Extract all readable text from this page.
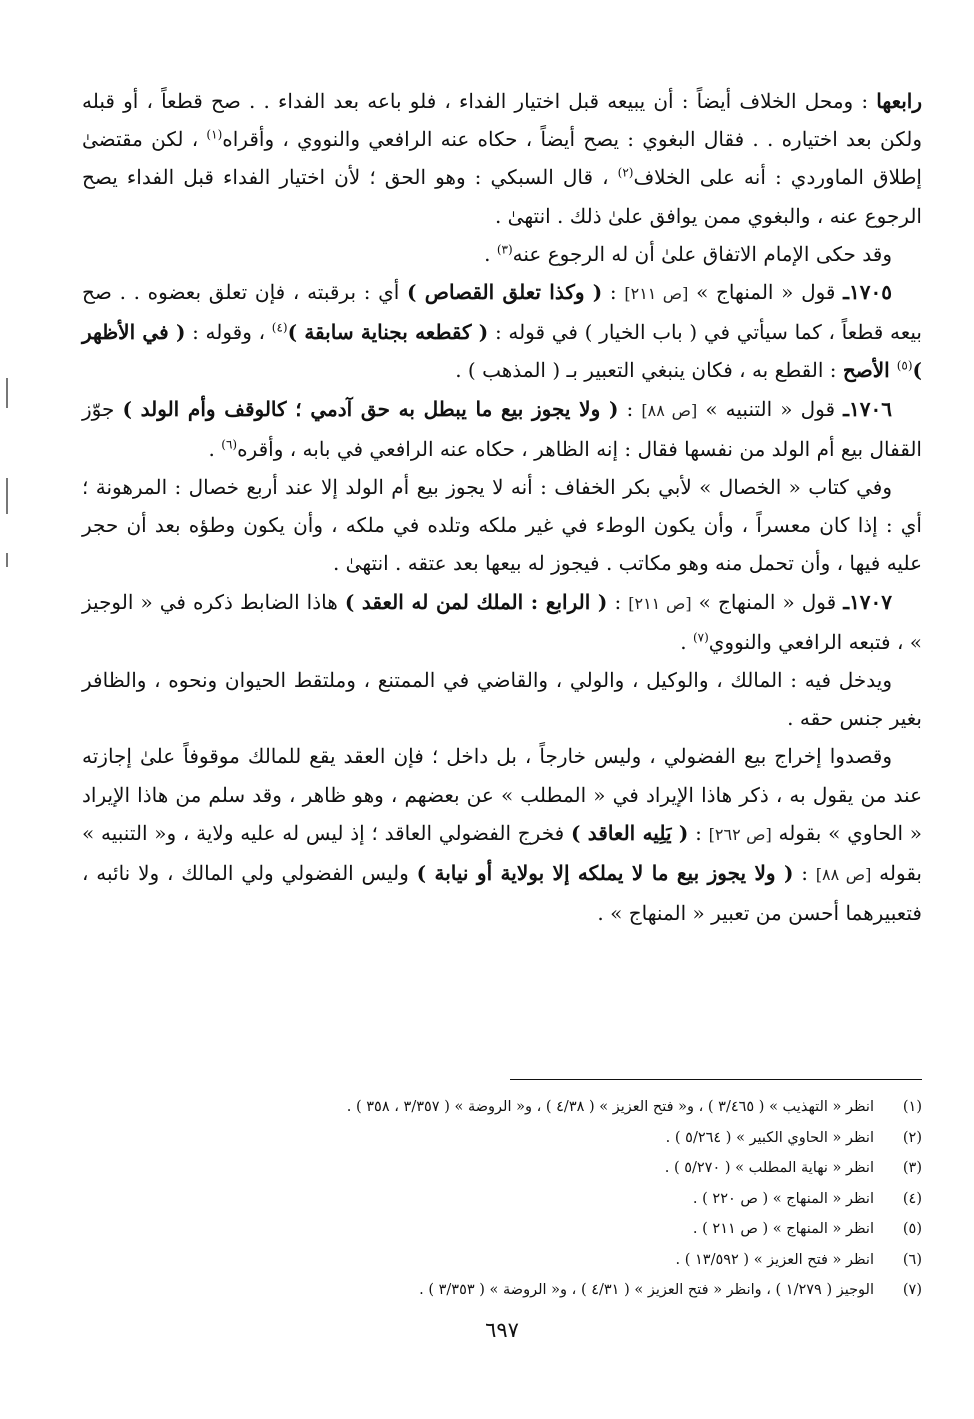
رابعها : ومحل الخلاف أيضاً : أن يبيعه قبل اختيار الفداء ، فلو باعه بعد الفداء . . صح قطعاً ، أو قبله ولكن بعد اختياره . . فقال البغوي : يصح أيضاً ، حكاه عنه الرافعي والنووي ، وأقراه$^{(١)}$ ، لكن مقتضىٰ إطلاق الماوردي : أنه على الخلاف$^{(٢)}$ ، قال السبكي : وهو الحق ؛ لأن اختيار الفداء قبل الفداء يصح الرجوع عنه ، والبغوي ممن يوافق علىٰ ذلك . انتهىٰ .

وقد حكى الإمام الاتفاق علىٰ أن له الرجوع عنه$^{(٣)}$ .

١٧٠٥ـ قول « المنهاج » [ص ٢١١] : ( وكذا تعلق القصاص ) أي : برقبته ، فإن تعلق بعضوه . . صح بيعه قطعاً ، كما سيأتي في ( باب الخيار ) في قوله : ( كقطعه بجناية سابقة )$^{(٤)}$ ، وقوله : ( في الأظهر )$^{(٥)}$ الأصح : القطع به ، فكان ينبغي التعبير بـ ( المذهب ) .

١٧٠٦ـ قول « التنبيه » [ص ٨٨] : ( ولا يجوز بيع ما يبطل به حق آدمي ؛ كالوقف وأم الولد ) جوّز القفال بيع أم الولد من نفسها فقال : إنه الظاهر ، حكاه عنه الرافعي في بابه ، وأقره$^{(٦)}$ .

وفي كتاب « الخصال » لأبي بكر الخفاف : أنه لا يجوز بيع أم الولد إلا عند أربع خصال : المرهونة ؛ أي : إذا كان معسراً ، وأن يكون الوطء في غير ملكه وتلده في ملكه ، وأن يكون وطؤه بعد أن حجر عليه فيها ، وأن تحمل منه وهو مكاتب . فيجوز له بيعها بعد عتقه . انتهىٰ .

١٧٠٧ـ قول « المنهاج » [ص ٢١١] : ( الرابع : الملك لمن له العقد ) هاذا الضابط ذكره في « الوجيز » ، فتبعه الرافعي والنووي$^{(٧)}$ .

ويدخل فيه : المالك ، والوكيل ، والولي ، والقاضي في الممتنع ، وملتقط الحيوان ونحوه ، والظافر بغير جنس حقه .

وقصدوا إخراج بيع الفضولي ، وليس خارجاً ، بل داخل ؛ فإن العقد يقع للمالك موقوفاً علىٰ إجازته عند من يقول به ، ذكر هاذا الإيراد في « المطلب » عن بعضهم ، وهو ظاهر ، وقد سلم من هاذا الإيراد « الحاوي » بقوله [ص ٢٦٢] : ( يَلِيه العاقد ) فخرج الفضولي العاقد ؛ إذ ليس له عليه ولاية ، و« التنبيه » بقوله [ص ٨٨] : ( ولا يجوز بيع ما لا يملكه إلا بولاية أو نيابة ) وليس الفضولي ولي المالك ، ولا نائبه ، فتعبيرهما أحسن من تعبير « المنهاج » .

(١)
انظر « التهذيب » ( ٣/٤٦٥ ) ، و« فتح العزيز » ( ٤/٣٨ ) ، و« الروضة » ( ٣/٣٥٧ ، ٣٥٨ ) .
(٢)
انظر « الحاوي الكبير » ( ٥/٢٦٤ ) .
(٣)
انظر « نهاية المطلب » ( ٥/٢٧٠ ) .
(٤)
انظر « المنهاج » ( ص ٢٢٠ ) .
(٥)
انظر « المنهاج » ( ص ٢١١ ) .
(٦)
انظر « فتح العزيز » ( ١٣/٥٩٢ ) .
(٧)
الوجيز ( ١/٢٧٩ ) ، وانظر « فتح العزيز » ( ٤/٣١ ) ، و« الروضة » ( ٣/٣٥٣ ) .
٦٩٧
